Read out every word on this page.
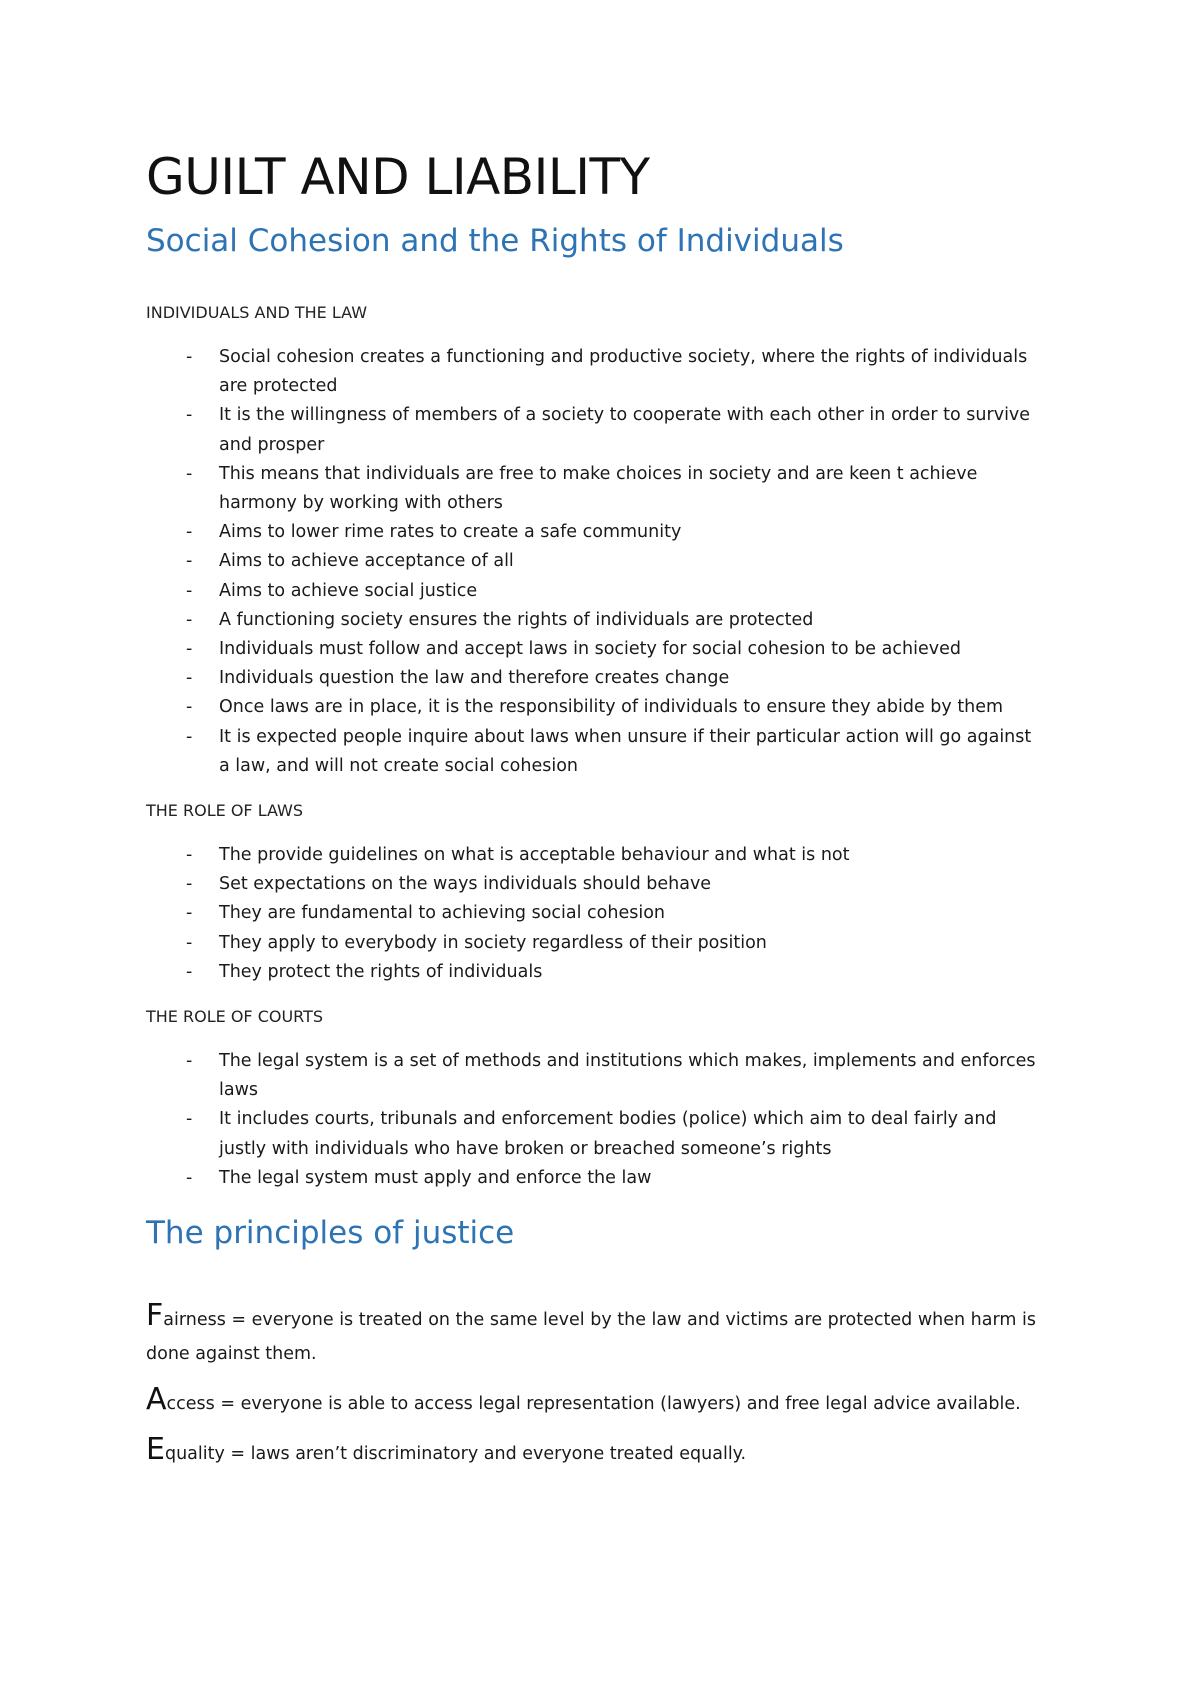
GUILT AND LIABILITY
Social Cohesion and the Rights of Individuals
INDIVIDUALS AND THE LAW
- Social cohesion creates a functioning and productive society, where the rights of individuals
are protected
- It is the willingness of members of a society to cooperate with each other in order to survive
and prosper
- This means that individuals are free to make choices in society and are keen t achieve
harmony by working with others
- Aims to lower rime rates to create a safe community
- Aims to achieve acceptance of all
- Aims to achieve social justice
- A functioning society ensures the rights of individuals are protected
- Individuals must follow and accept laws in society for social cohesion to be achieved
- Individuals question the law and therefore creates change
- Once laws are in place, it is the responsibility of individuals to ensure they abide by them
- It is expected people inquire about laws when unsure if their particular action will go against
a law, and will not create social cohesion
THE ROLE OF LAWS
- The provide guidelines on what is acceptable behaviour and what is not
- Set expectations on the ways individuals should behave
- They are fundamental to achieving social cohesion
- They apply to everybody in society regardless of their position
- They protect the rights of individuals
THE ROLE OF COURTS
- The legal system is a set of methods and institutions which makes, implements and enforces
laws
- It includes courts, tribunals and enforcement bodies (police) which aim to deal fairly and
justly with individuals who have broken or breached someone’s rights
- The legal system must apply and enforce the law
The principles of justice

Fairness = everyone is treated on the same level by the law and victims are protected when harm is done against them.

Access = everyone is able to access legal representation (lawyers) and free legal advice available.

Equality = laws aren’t discriminatory and everyone treated equally.
